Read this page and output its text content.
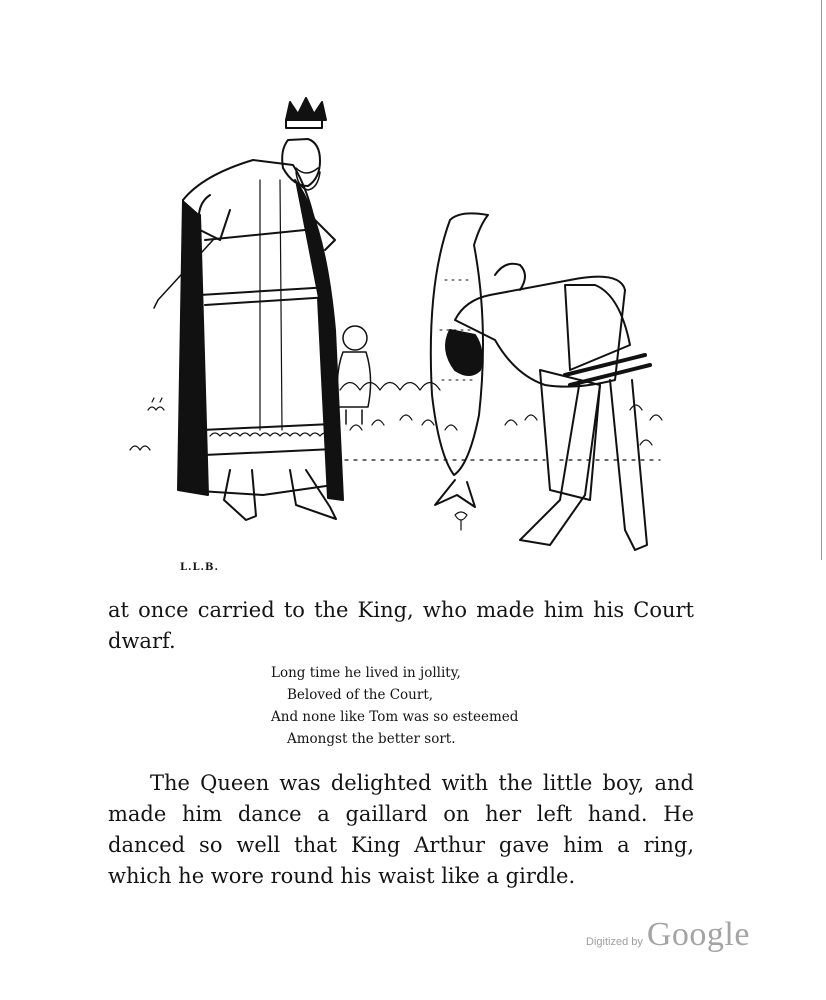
L.L.B.

at once carried to the King, who made him his Court dwarf.

Long time he lived in jollity,
Beloved of the Court,
And none like Tom was so esteemed
Amongst the better sort.

The Queen was delighted with the little boy, and made him dance a gaillard on her left hand. He danced so well that King Arthur gave him a ring, which he wore round his waist like a girdle.

Digitized by Google
